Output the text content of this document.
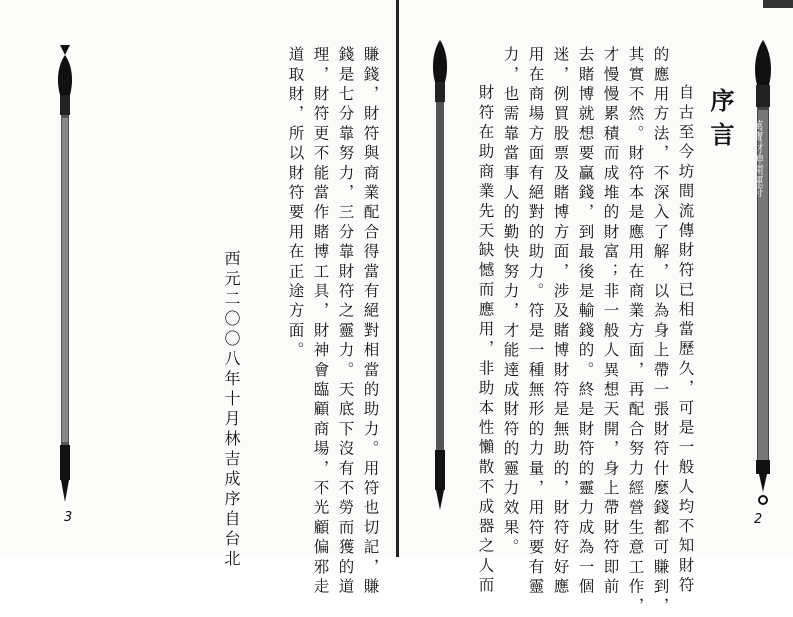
萬寶財神開運符
序言
自古至今坊間流傳財符已相當歷久，可是一般人均不知財符
的應用方法，不深入了解，以為身上帶一張財符什麼錢都可賺到，
其實不然。財符本是應用在商業方面，再配合努力經營生意工作，
才慢慢累積而成堆的財富；非一般人異想天開，身上帶財符即前
去賭博就想要贏錢，到最後是輸錢的。終是財符的靈力成為一個
迷，例買股票及賭博方面，涉及賭博財符是無助的，財符好好應
用在商場方面有絕對的助力。符是一種無形的力量，用符要有靈
力，也需靠當事人的勤快努力，才能達成財符的靈力效果。
財符在助商業先天缺憾而應用，非助本性懶散不成器之人而	2
賺錢，財符與商業配合得當有絕對相當的助力。用符也切記，賺
錢是七分靠努力，三分靠財符之靈力。天底下沒有不勞而獲的道
理，財符更不能當作賭博工具，財神會臨顧商場，不光顧偏邪走
道取財，所以財符要用在正途方面。
西元二〇〇八年十月林吉成序自台北
3
